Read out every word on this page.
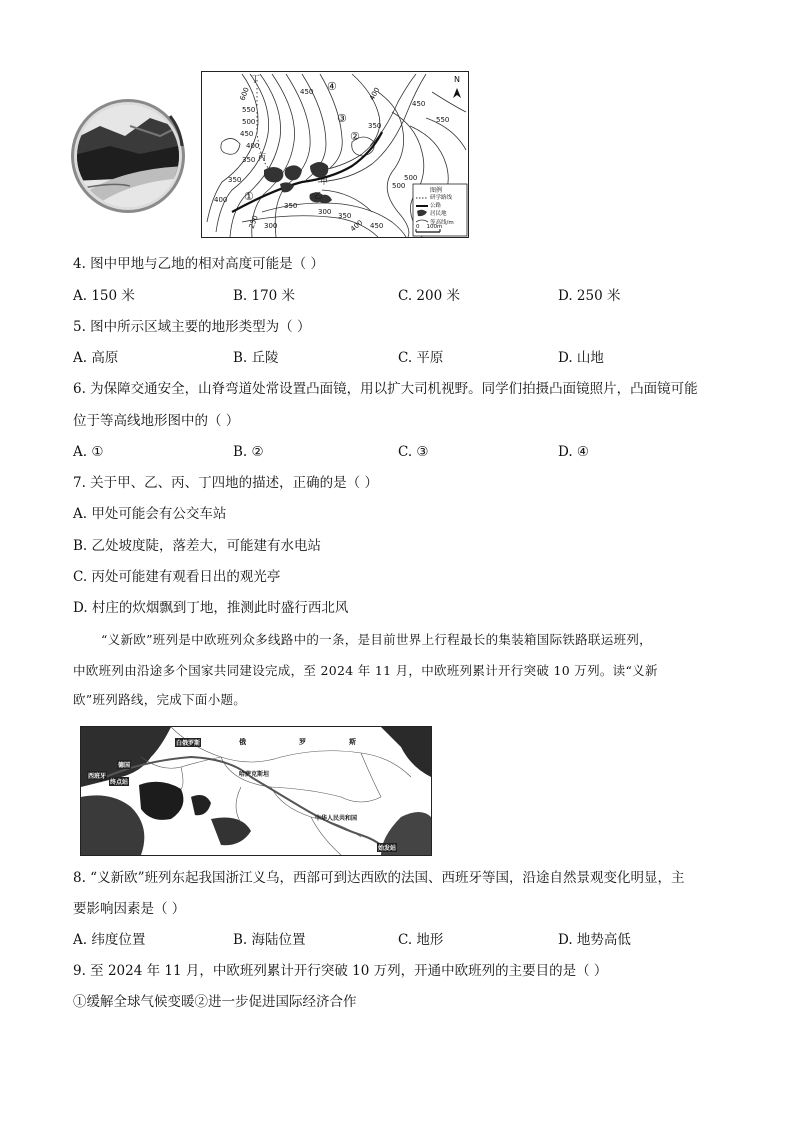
N
丁
丙
甲
乙
①
②
③
④
600
550
500
450
400
350
450
400
350
400
350
300
350
250 300
350
400 450
500
450
500
550
图例
研学路线
公路
居民地
等高线/m
0    100m
4. 图中甲地与乙地的相对高度可能是（ ）
A. 150 米	B. 170 米	C. 200 米	D. 250 米
5. 图中所示区域主要的地形类型为（ ）
A. 高原	B. 丘陵	C. 平原	D. 山地
6. 为保障交通安全，山脊弯道处常设置凸面镜，用以扩大司机视野。同学们拍摄凸面镜照片，凸面镜可能
位于等高线地形图中的（ ）
A. ①	B. ②	C. ③	D. ④
7. 关于甲、乙、丙、丁四地的描述，正确的是（ ）
A. 甲处可能会有公交车站
B. 乙处坡度陡，落差大，可能建有水电站
C. 丙处可能建有观看日出的观光亭
D. 村庄的炊烟飘到丁地，推测此时盛行西北风
“义新欧”班列是中欧班列众多线路中的一条，是目前世界上行程最长的集装箱国际铁路联运班列，
中欧班列由沿途多个国家共同建设完成，至 2024 年 11 月，中欧班列累计开行突破 10 万列。读“义新
欧”班列路线，完成下面小题。
俄	罗	斯
白俄罗斯
德国
西班牙
终点站
哈萨克斯坦
中华人民共和国
始发站
8. “义新欧”班列东起我国浙江义乌，西部可到达西欧的法国、西班牙等国，沿途自然景观变化明显，主
要影响因素是（ ）
A. 纬度位置	B. 海陆位置	C. 地形	D. 地势高低
9. 至 2024 年 11 月，中欧班列累计开行突破 10 万列，开通中欧班列的主要目的是（ ）
①缓解全球气候变暖②进一步促进国际经济合作
